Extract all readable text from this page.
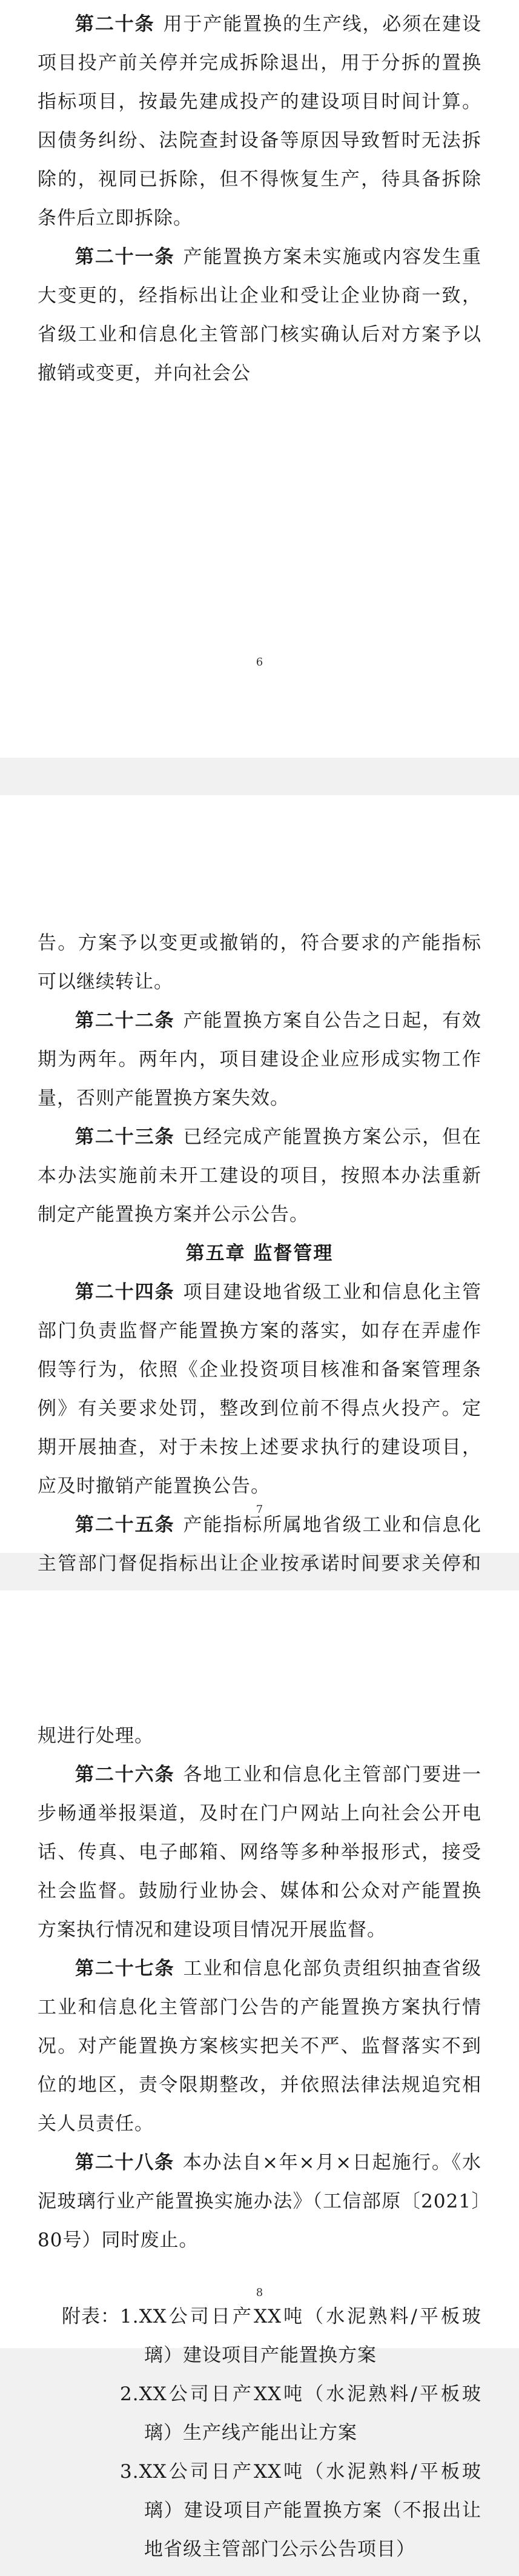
第二十条 用于产能置换的生产线，必须在建设项目投产前关停并完成拆除退出，用于分拆的置换指标项目，按最先建成投产的建设项目时间计算。因债务纠纷、法院查封设备等原因导致暂时无法拆除的，视同已拆除，但不得恢复生产，待具备拆除条件后立即拆除。

第二十一条 产能置换方案未实施或内容发生重大变更的，经指标出让企业和受让企业协商一致，省级工业和信息化主管部门核实确认后对方案予以撤销或变更，并向社会公

6

告。方案予以变更或撤销的，符合要求的产能指标可以继续转让。

第二十二条 产能置换方案自公告之日起，有效期为两年。两年内，项目建设企业应形成实物工作量，否则产能置换方案失效。

第二十三条 已经完成产能置换方案公示，但在本办法实施前未开工建设的项目，按照本办法重新制定产能置换方案并公示公告。

第五章 监督管理

第二十四条 项目建设地省级工业和信息化主管部门负责监督产能置换方案的落实，如存在弄虚作假等行为，依照《企业投资项目核准和备案管理条例》有关要求处罚，整改到位前不得点火投产。定期开展抽查，对于未按上述要求执行的建设项目，应及时撤销产能置换公告。

第二十五条 产能指标所属地省级工业和信息化主管部门督促指标出让企业按承诺时间要求关停和

7

规进行处理。

第二十六条 各地工业和信息化主管部门要进一步畅通举报渠道，及时在门户网站上向社会公开电话、传真、电子邮箱、网络等多种举报形式，接受社会监督。鼓励行业协会、媒体和公众对产能置换方案执行情况和建设项目情况开展监督。

第二十七条 工业和信息化部负责组织抽查省级工业和信息化主管部门公告的产能置换方案执行情况。对产能置换方案核实把关不严、监督落实不到位的地区，责令限期整改，并依照法律法规追究相关人员责任。

第二十八条 本办法自×年×月×日起施行。《水泥玻璃行业产能置换实施办法》（工信部原〔2021〕80号）同时废止。

附表： 1.XX公司日产XX吨（水泥熟料/平板玻璃）建设项目产能置换方案
2.XX公司日产XX吨（水泥熟料/平板玻璃）生产线产能出让方案
3.XX公司日产XX吨（水泥熟料/平板玻璃）建设项目产能置换方案（不报出让地省级主管部门公示公告项目）
8
